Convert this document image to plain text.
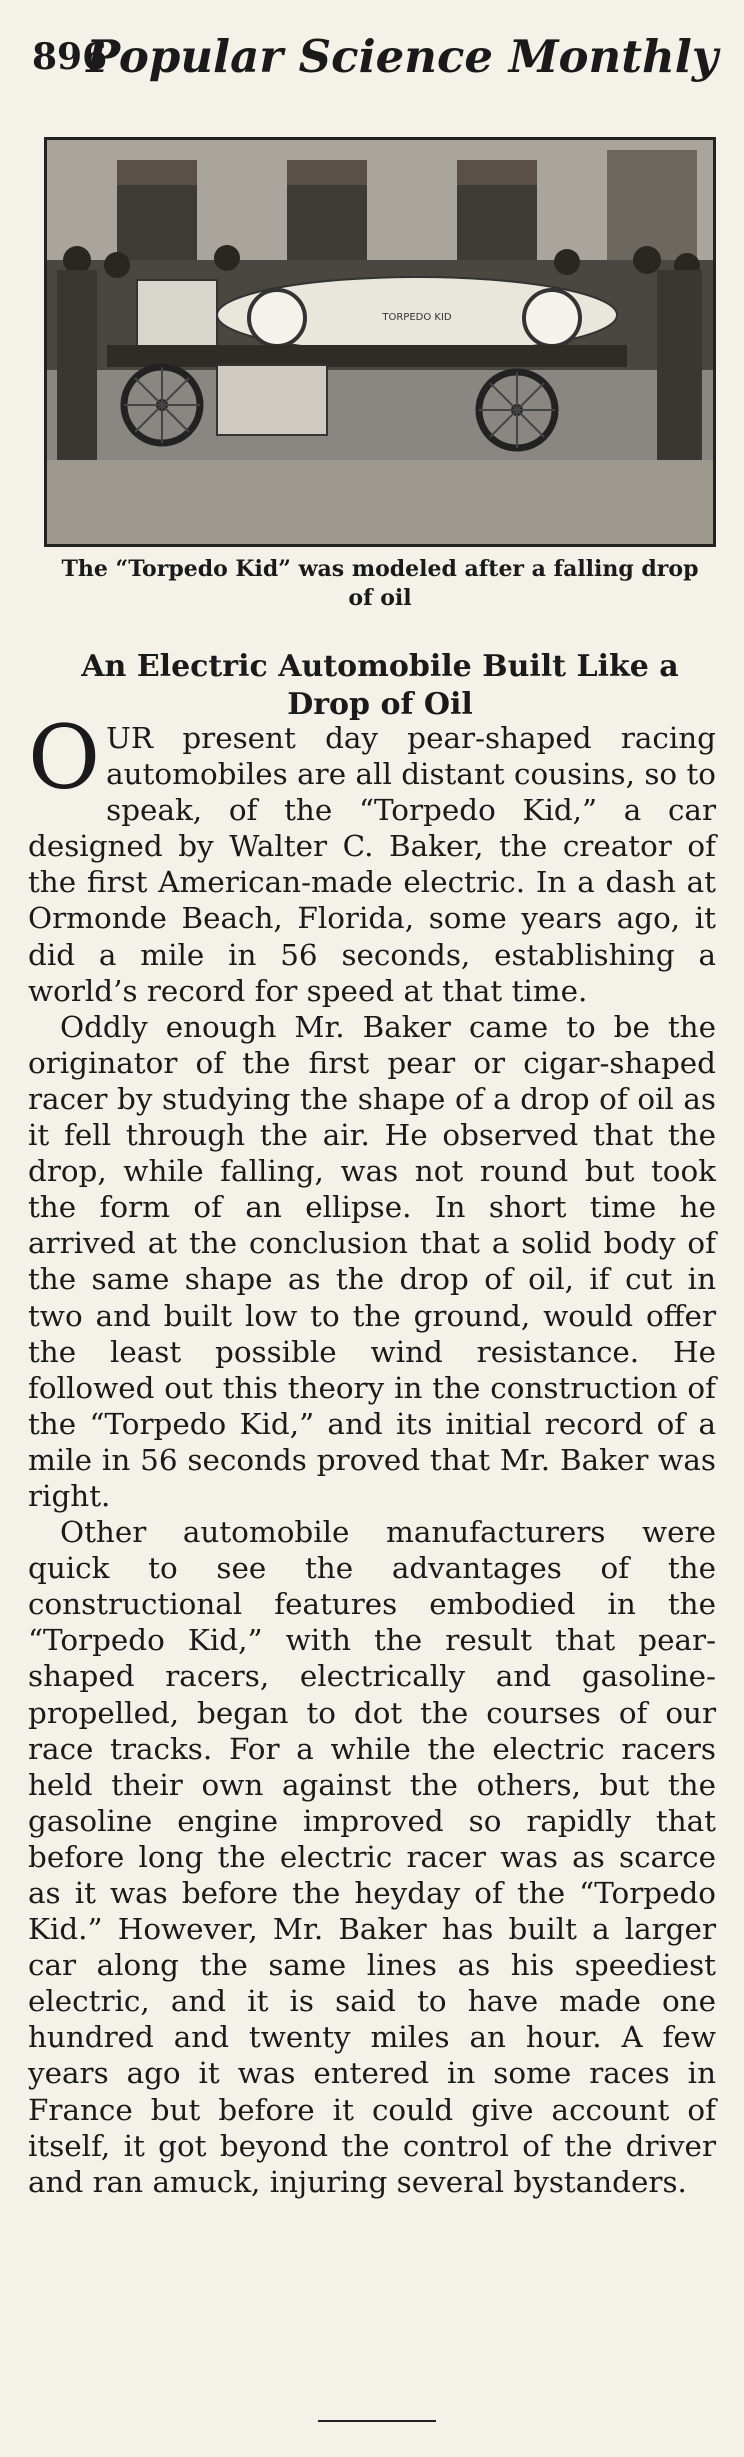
896
Popular Science Monthly
TORPEDO KID
The “Torpedo Kid” was modeled after a falling drop of oil
An Electric Automobile Built Like a Drop of Oil

OUR present day pear-shaped racing automobiles are all distant cousins, so to speak, of the “Torpedo Kid,” a car designed by Walter C. Baker, the creator of the first American-made electric. In a dash at Ormonde Beach, Florida, some years ago, it did a mile in 56 seconds, establishing a world’s record for speed at that time.

Oddly enough Mr. Baker came to be the originator of the first pear or cigar-shaped racer by studying the shape of a drop of oil as it fell through the air. He observed that the drop, while falling, was not round but took the form of an ellipse. In short time he arrived at the conclusion that a solid body of the same shape as the drop of oil, if cut in two and built low to the ground, would offer the least possible wind resistance. He followed out this theory in the construction of the “Torpedo Kid,” and its initial record of a mile in 56 seconds proved that Mr. Baker was right.

Other automobile manufacturers were quick to see the advantages of the constructional features embodied in the “Torpedo Kid,” with the result that pear-shaped racers, electrically and gasoline-propelled, began to dot the courses of our race tracks. For a while the electric racers held their own against the others, but the gasoline engine improved so rapidly that before long the electric racer was as scarce as it was before the heyday of the “Torpedo Kid.” However, Mr. Baker has built a larger car along the same lines as his speediest electric, and it is said to have made one hundred and twenty miles an hour. A few years ago it was entered in some races in France but before it could give account of itself, it got beyond the control of the driver and ran amuck, injuring several bystanders.
